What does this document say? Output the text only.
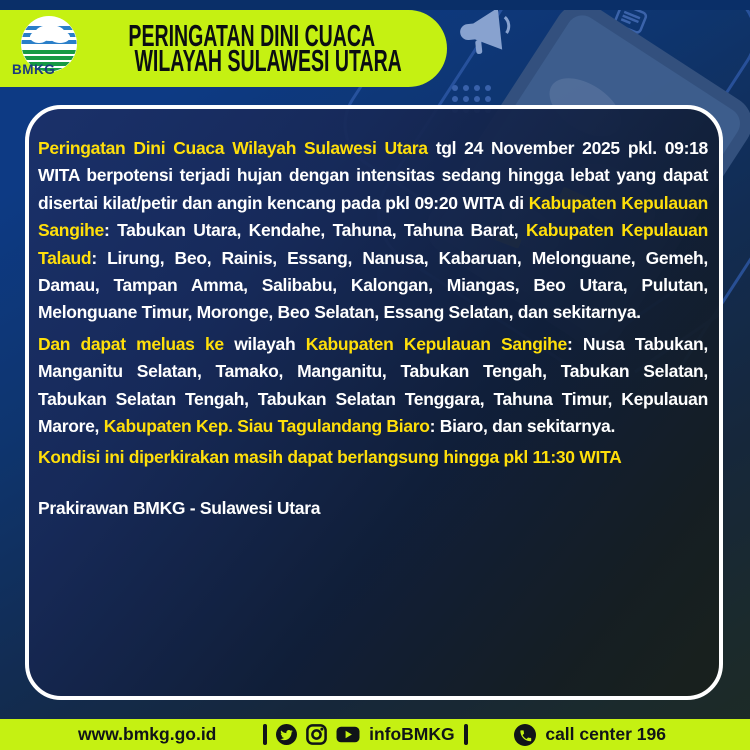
BMKG
PERINGATAN DINI CUACA
WILAYAH SULAWESI UTARA

Peringatan Dini Cuaca Wilayah Sulawesi Utara tgl 24 November 2025 pkl. 09:18 WITA berpotensi terjadi hujan dengan intensitas sedang hingga lebat yang dapat disertai kilat/petir dan angin kencang pada pkl 09:20 WITA di Kabupaten Kepulauan Sangihe: Tabukan Utara, Kendahe, Tahuna, Tahuna Barat, Kabupaten Kepulauan Talaud: Lirung, Beo, Rainis, Essang, Nanusa, Kabaruan, Melonguane, Gemeh, Damau, Tampan Amma, Salibabu, Kalongan, Miangas, Beo Utara, Pulutan, Melonguane Timur, Moronge, Beo Selatan, Essang Selatan, dan sekitarnya.

Dan dapat meluas ke wilayah Kabupaten Kepulauan Sangihe: Nusa Tabukan, Manganitu Selatan, Tamako, Manganitu, Tabukan Tengah, Tabukan Selatan, Tabukan Selatan Tengah, Tabukan Selatan Tenggara, Tahuna Timur, Kepulauan Marore, Kabupaten Kep. Siau Tagulandang Biaro: Biaro, dan sekitarnya.

Kondisi ini diperkirakan masih dapat berlangsung hingga pkl 11:30 WITA

Prakirawan BMKG - Sulawesi Utara

www.bmkg.go.id	infoBMKG	call center 196
